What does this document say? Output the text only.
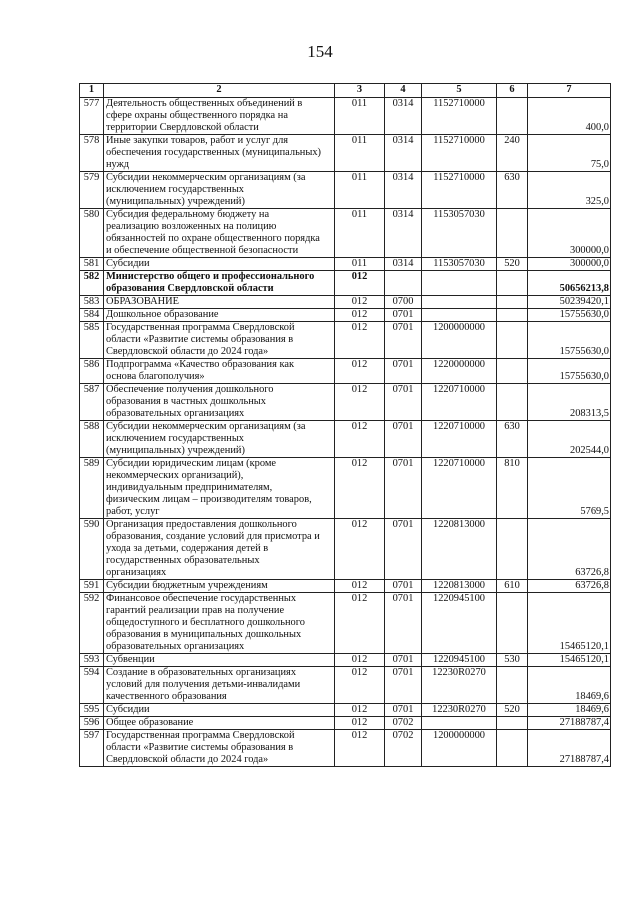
154
1	2	3	4	5	6	7
577	Деятельность общественных объединений в
сфере охраны общественного порядка на
территории Свердловской области	011	0314	1152710000		400,0
578	Иные закупки товаров, работ и услуг для
обеспечения государственных (муниципальных)
нужд	011	0314	1152710000	240	75,0
579	Субсидии некоммерческим организациям (за
исключением государственных
(муниципальных) учреждений)	011	0314	1152710000	630	325,0
580	Субсидия федеральному бюджету на
реализацию возложенных на полицию
обязанностей по охране общественного порядка
и обеспечение общественной безопасности	011	0314	1153057030		300000,0
581	Субсидии	011	0314	1153057030	520	300000,0
582	Министерство общего и профессионального
образования Свердловской области	012				50656213,8
583	ОБРАЗОВАНИЕ	012	0700			50239420,1
584	Дошкольное образование	012	0701			15755630,0
585	Государственная программа Свердловской
области «Развитие системы образования в
Свердловской области до 2024 года»	012	0701	1200000000		15755630,0
586	Подпрограмма «Качество образования как
основа благополучия»	012	0701	1220000000		15755630,0
587	Обеспечение получения дошкольного
образования в частных дошкольных
образовательных организациях	012	0701	1220710000		208313,5
588	Субсидии некоммерческим организациям (за
исключением государственных
(муниципальных) учреждений)	012	0701	1220710000	630	202544,0
589	Субсидии юридическим лицам (кроме
некоммерческих организаций),
индивидуальным предпринимателям,
физическим лицам – производителям товаров,
работ, услуг	012	0701	1220710000	810	5769,5
590	Организация предоставления дошкольного
образования, создание условий для присмотра и
ухода за детьми, содержания детей в
государственных образовательных
организациях	012	0701	1220813000		63726,8
591	Субсидии бюджетным учреждениям	012	0701	1220813000	610	63726,8
592	Финансовое обеспечение государственных
гарантий реализации прав на получение
общедоступного и бесплатного дошкольного
образования в муниципальных дошкольных
образовательных организациях	012	0701	1220945100		15465120,1
593	Субвенции	012	0701	1220945100	530	15465120,1
594	Создание в образовательных организациях
условий для получения детьми-инвалидами
качественного образования	012	0701	12230R0270		18469,6
595	Субсидии	012	0701	12230R0270	520	18469,6
596	Общее образование	012	0702			27188787,4
597	Государственная программа Свердловской
области «Развитие системы образования в
Свердловской области до 2024 года»	012	0702	1200000000		27188787,4
